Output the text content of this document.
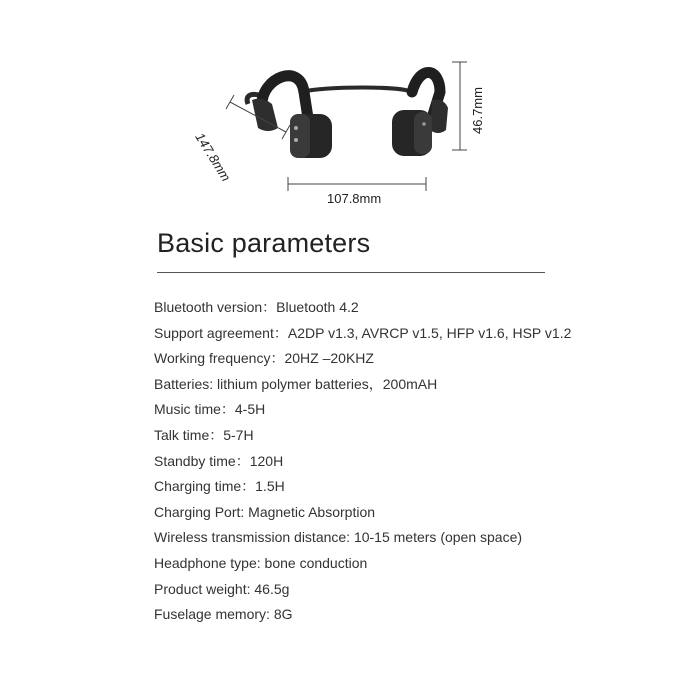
107.8mm
147.8mm
46.7mm
Basic parameters
Bluetooth version：Bluetooth 4.2
Support agreement：A2DP v1.3, AVRCP v1.5, HFP v1.6, HSP v1.2
Working frequency：20HZ –20KHZ
Batteries: lithium polymer batteries，200mAH
Music time：4-5H
Talk time：5-7H
Standby time：120H
Charging time：1.5H
Charging Port: Magnetic Absorption
Wireless transmission distance: 10-15 meters (open space)
Headphone type: bone conduction
Product weight: 46.5g
Fuselage memory: 8G
